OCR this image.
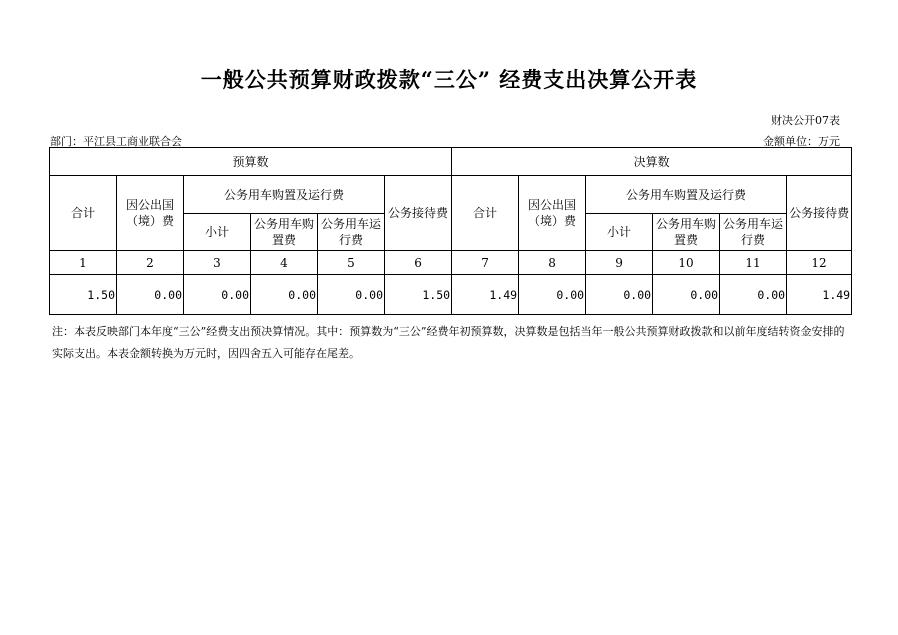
一般公共预算财政拨款“三公” 经费支出决算公开表
财决公开07表
部门：平江县工商业联合会	金额单位：万元
预算数						决算数					
合计	因公出国（境）费	公务用车购置及运行费			公务接待费	合计	因公出国（境）费	公务用车购置及运行费			公务接待费
		小计	公务用车购置费	公务用车运行费				小计	公务用车购置费	公务用车运行费	
1	2	3	4	5	6	7	8	9	10	11	12
1.50	0.00	0.00	0.00	0.00	1.50	1.49	0.00	0.00	0.00	0.00	1.49
注：本表反映部门本年度“三公”经费支出预决算情况。其中：预算数为“三公”经费年初预算数，决算数是包括当年一般公共预算财政拨款和以前年度结转资金安排的实际支出。本表金额转换为万元时，因四舍五入可能存在尾差。
